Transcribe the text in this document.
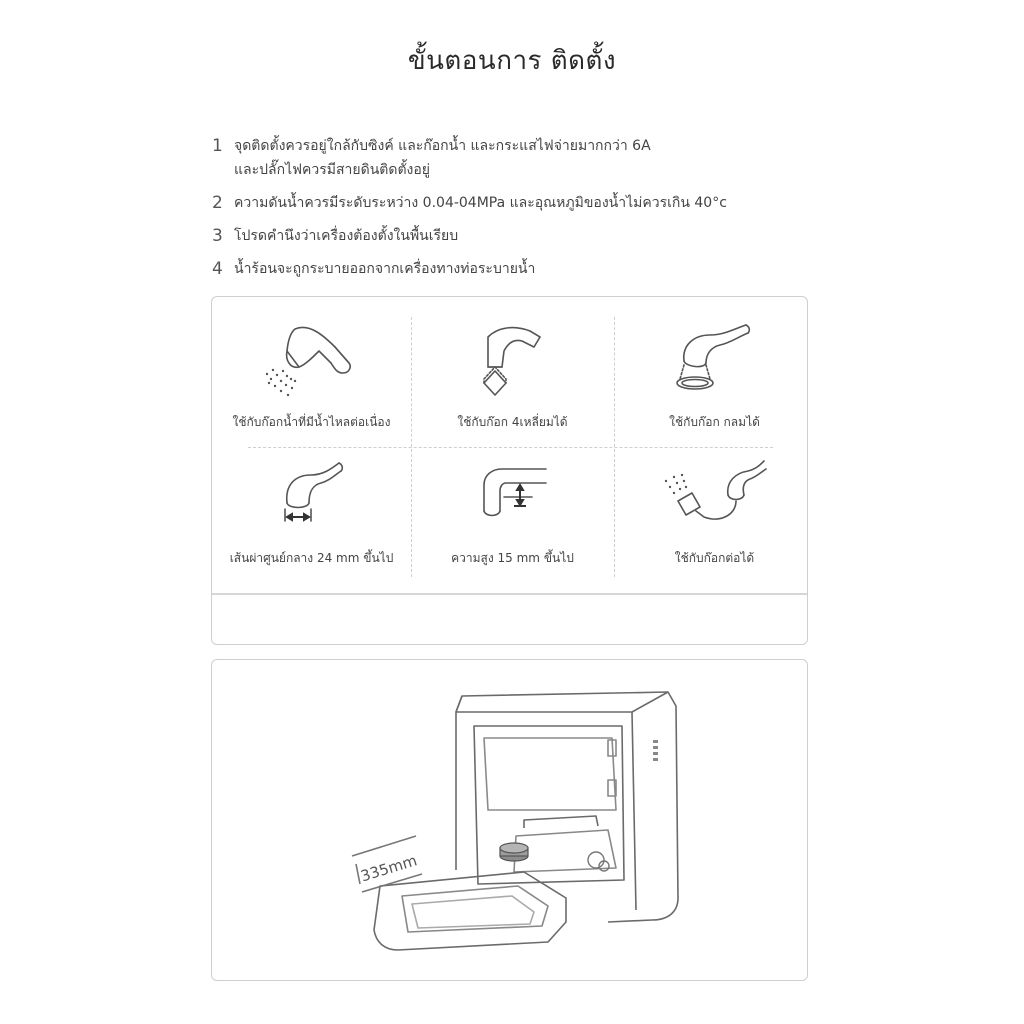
ขั้นตอนการ ติดตั้ง
1 จุดติดตั้งควรอยู่ใกล้กับซิงค์ และก๊อกน้ำ และกระแสไฟจ่ายมากกว่า 6A
และปลั๊กไฟควรมีสายดินติดตั้งอยู่
2 ความดันน้ำควรมีระดับระหว่าง 0.04-04MPa และอุณหภูมิของน้ำไม่ควรเกิน 40°c
3 โปรดคำนึงว่าเครื่องต้องตั้งในพื้นเรียบ
4 น้ำร้อนจะถูกระบายออกจากเครื่องทางท่อระบายน้ำ
ใช้กับก๊อกน้ำที่มีน้ำไหลต่อเนื่อง	ใช้กับก๊อก 4เหลี่ยมได้	ใช้กับก๊อก กลมได้
เส้นผ่าศูนย์กลาง 24 mm ขึ้นไป	ความสูง 15 mm ขึ้นไป	ใช้กับก๊อกต่อได้
335mm
